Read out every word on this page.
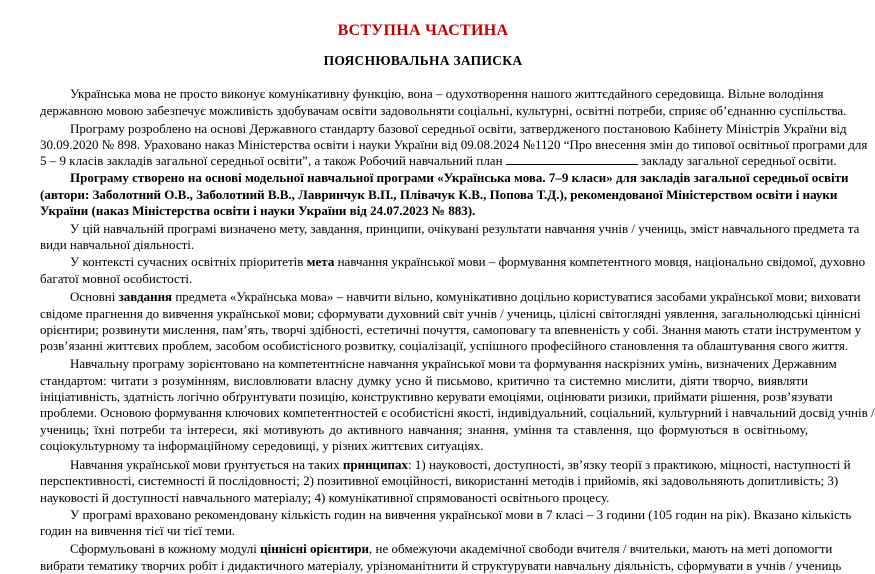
ВСТУПНА ЧАСТИНА
ПОЯСНЮВАЛЬНА ЗАПИСКА
Українська мова не просто виконує комунікативну функцію, вона – одухотворення нашого життєдайного середовища. Вільне володіння
державною мовою забезпечує можливість здобувачам освіти задовольняти соціальні, культурні, освітні потреби, сприяє об’єднанню суспільства.
Програму розроблено на основі Державного стандарту базової середньої освіти, затвердженого постановою Кабінету Міністрів України від
30.09.2020 № 898. Ураховано наказ Міністерства освіти і науки України від 09.08.2024 №1120 “Про внесення змін до типової освітньої програми для
5 – 9 класів закладів загальної середньої освіти”, а також Робочий навчальний план	закладу загальної середньої освіти.
Програму створено на основі модельної навчальної програми «Українська мова. 7–9 класи» для закладів загальної середньої освіти
(автори: Заболотний О.В., Заболотний В.В., Лавринчук В.П., Плівачук К.В., Попова Т.Д.), рекомендованої Міністерством освіти і науки
України (наказ Міністерства освіти і науки України від 24.07.2023 № 883).
У цій навчальній програмі визначено мету, завдання, принципи, очікувані результати навчання учнів / учениць, зміст навчального предмета та
види навчальної діяльності.
У контексті сучасних освітніх пріоритетів мета навчання української мови – формування компетентного мовця, національно свідомої, духовно
багатої мовної особистості.
Основні завдання предмета «Українська мова» – навчити вільно, комунікативно доцільно користуватися засобами української мови; виховати
свідоме прагнення до вивчення української мови; сформувати духовний світ учнів / учениць, цілісні світоглядні уявлення, загальнолюдські ціннісні
орієнтири; розвинути мислення, пам’ять, творчі здібності, естетичні почуття, самоповагу та впевненість у собі. Знання мають стати інструментом у
розв’язанні життєвих проблем, засобом особистісного розвитку, соціалізації, успішного професійного становлення та облаштування свого життя.
Навчальну програму зорієнтовано на компетентнісне навчання української мови та формування наскрізних умінь, визначених Державним
стандартом: читати з розумінням, висловлювати власну думку усно й письмово, критично та системно мислити, діяти творчо, виявляти
ініціативність, здатність логічно обґрунтувати позицію, конструктивно керувати емоціями, оцінювати ризики, приймати рішення, розв’язувати
проблеми. Основою формування ключових компетентностей є особистісні якості, індивідуальний, соціальний, культурний і навчальний досвід учнів /
учениць; їхні потреби та інтереси, які мотивують до активного навчання; знання, уміння та ставлення, що формуються в освітньому,
соціокультурному та інформаційному середовищі, у різних життєвих ситуаціях.
Навчання української мови ґрунтується на таких принципах: 1) науковості, доступності, зв’язку теорії з практикою, міцності, наступності й
перспективності, системності й послідовності; 2) позитивної емоційності, використанні методів і прийомів, які задовольняють допитливість; 3)
науковості й доступності навчального матеріалу; 4) комунікативної спрямованості освітнього процесу.
У програмі враховано рекомендовану кількість годин на вивчення української мови в 7 класі – 3 години (105 годин на рік). Вказано кількість
годин на вивчення тієї чи тієї теми.
Сформульовані в кожному модулі ціннісні орієнтири, не обмежуючи академічної свободи вчителя / вчительки, мають на меті допомогти
вибрати тематику творчих робіт і дидактичного матеріалу, урізноманітнити й структурувати навчальну діяльність, сформувати в учнів / учениць
